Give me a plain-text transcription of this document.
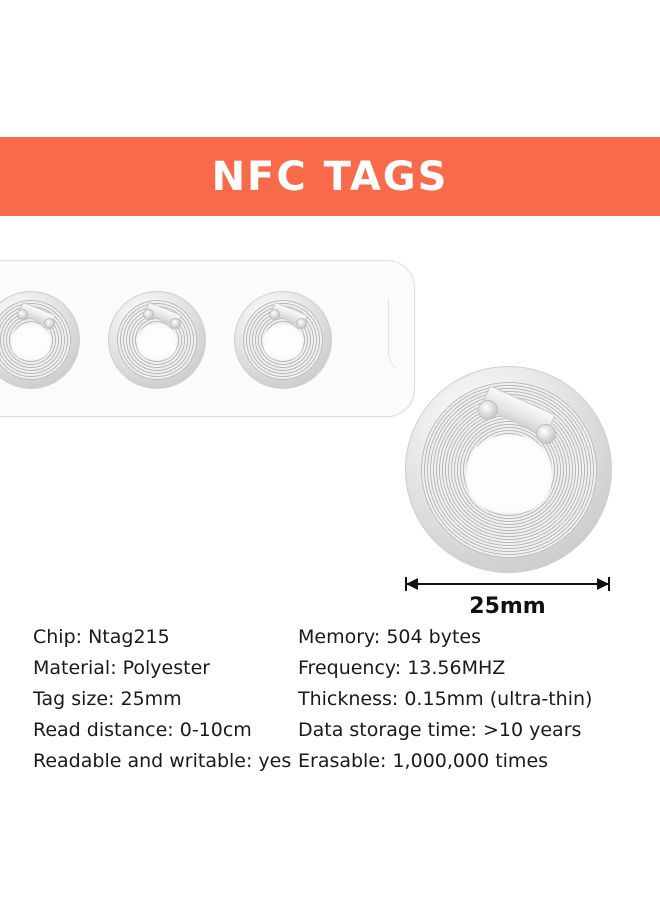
NFC TAGS
25mm
Chip: Ntag215
Material: Polyester
Tag size: 25mm
Read distance: 0-10cm
Readable and writable: yes
Memory: 504 bytes
Frequency: 13.56MHZ
Thickness: 0.15mm (ultra-thin)
Data storage time: >10 years
Erasable: 1,000,000 times
